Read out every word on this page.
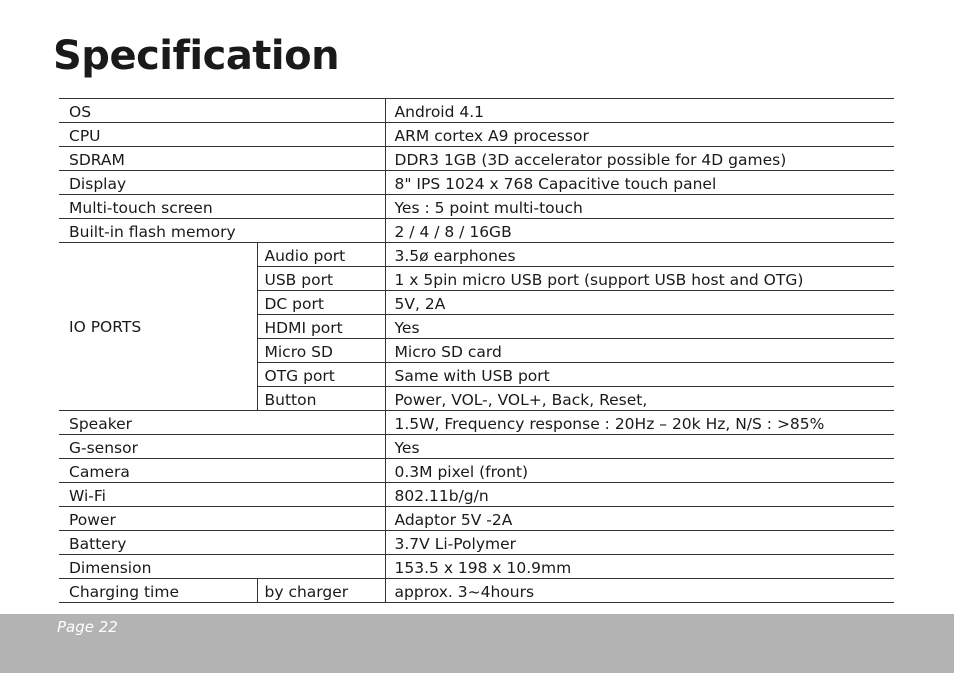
Specification
OS		Android 4.1
CPU		ARM cortex A9 processor
SDRAM		DDR3 1GB (3D accelerator possible for 4D games)
Display		8" IPS 1024 x 768 Capacitive touch panel
Multi-touch screen		Yes : 5 point multi-touch
Built-in flash memory		2 / 4 / 8 / 16GB
IO PORTS	Audio port	3.5ø earphones
	USB port	1 x 5pin micro USB port (support USB host and OTG)
	DC port	5V, 2A
	HDMI port	Yes
	Micro SD	Micro SD card
	OTG port	Same with USB port
	Button	Power, VOL-, VOL+, Back, Reset,
Speaker		1.5W, Frequency response : 20Hz – 20k Hz, N/S : >85%
G-sensor		Yes
Camera		0.3M pixel (front)
Wi-Fi		802.11b/g/n
Power		Adaptor 5V -2A
Battery		3.7V Li-Polymer
Dimension		153.5 x 198 x 10.9mm
Charging time	by charger	approx. 3~4hours
Page 22
